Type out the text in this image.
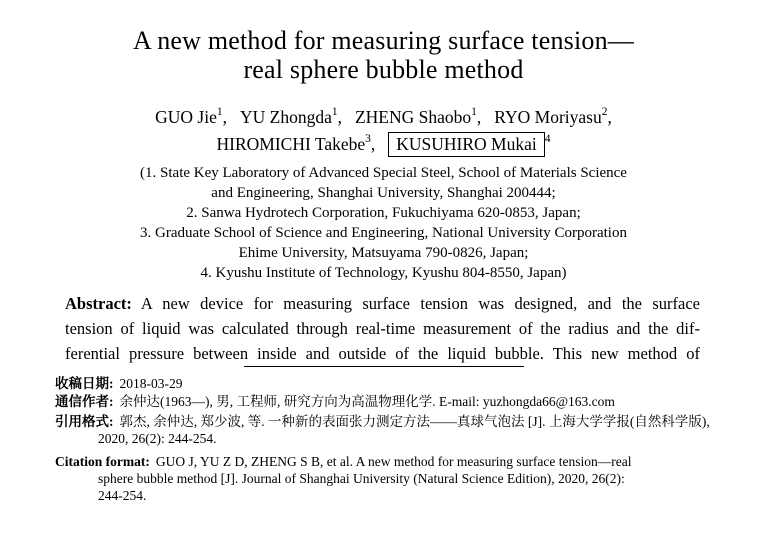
A new method for measuring surface tension—
real sphere bubble method
GUO Jie$^1$, YU Zhongda$^1$, ZHENG Shaobo$^1$, RYO Moriyasu$^2$,
HIROMICHI Takebe$^3$, KUSUHIRO Mukai $^4$
(1. State Key Laboratory of Advanced Special Steel, School of Materials Science
and Engineering, Shanghai University, Shanghai 200444;
2. Sanwa Hydrotech Corporation, Fukuchiyama 620-0853, Japan;
3. Graduate School of Science and Engineering, National University Corporation
Ehime University, Matsuyama 790-0826, Japan;
4. Kyushu Institute of Technology, Kyushu 804-8550, Japan)
Abstract: A new device for measuring surface tension was designed, and the surface
tension of liquid was calculated through real-time measurement of the radius and the dif-
ferential pressure between inside and outside of the liquid bubble. This new method of
收稿日期: 2018-03-29
通信作者: 余仲达(1963—), 男, 工程师, 研究方向为高温物理化学. E-mail: yuzhongda66@163.com
引用格式: 郭杰, 余仲达, 郑少波, 等. 一种新的表面张力测定方法——真球气泡法 [J]. 上海大学学报(自然科学版),
2020, 26(2): 244-254.
Citation format: GUO J, YU Z D, ZHENG S B, et al. A new method for measuring surface tension—real
sphere bubble method [J]. Journal of Shanghai University (Natural Science Edition), 2020, 26(2):
244-254.
